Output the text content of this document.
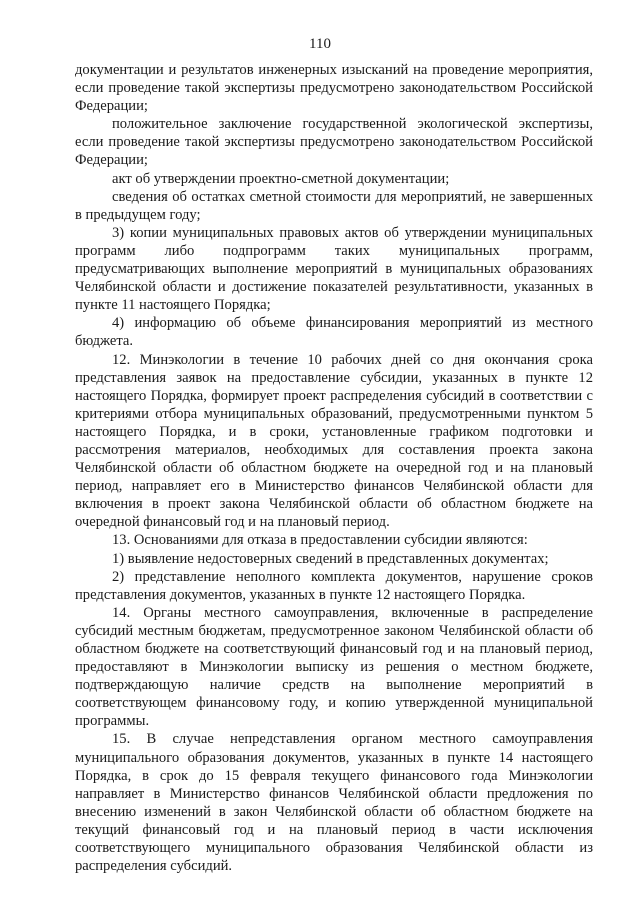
110

документации и результатов инженерных изысканий на проведение мероприятия, если проведение такой экспертизы предусмотрено законодательством Российской Федерации;

положительное заключение государственной экологической экспертизы, если проведение такой экспертизы предусмотрено законодательством Российской Федерации;

акт об утверждении проектно-сметной документации;

сведения об остатках сметной стоимости для мероприятий, не завершенных в предыдущем году;

3) копии муниципальных правовых актов об утверждении муниципальных программ либо подпрограмм таких муниципальных программ, предусматривающих выполнение мероприятий в муниципальных образованиях Челябинской области и достижение показателей результативности, указанных в пункте 11 настоящего Порядка;

4) информацию об объеме финансирования мероприятий из местного бюджета.

12. Минэкологии в течение 10 рабочих дней со дня окончания срока представления заявок на предоставление субсидии, указанных в пункте 12 настоящего Порядка, формирует проект распределения субсидий в соответствии с критериями отбора муниципальных образований, предусмотренными пунктом 5 настоящего Порядка, и в сроки, установленные графиком подготовки и рассмотрения материалов, необходимых для составления проекта закона Челябинской области об областном бюджете на очередной год и на плановый период, направляет его в Министерство финансов Челябинской области для включения в проект закона Челябинской области об областном бюджете на очередной финансовый год и на плановый период.

13. Основаниями для отказа в предоставлении субсидии являются:

1) выявление недостоверных сведений в представленных документах;

2) представление неполного комплекта документов, нарушение сроков представления документов, указанных в пункте 12 настоящего Порядка.

14. Органы местного самоуправления, включенные в распределение субсидий местным бюджетам, предусмотренное законом Челябинской области об областном бюджете на соответствующий финансовый год и на плановый период, предоставляют в Минэкологии выписку из решения о местном бюджете, подтверждающую наличие средств на выполнение мероприятий в соответствующем финансовому году, и копию утвержденной муниципальной программы.

15. В случае непредставления органом местного самоуправления муниципального образования документов, указанных в пункте 14 настоящего Порядка, в срок до 15 февраля текущего финансового года Минэкологии направляет в Министерство финансов Челябинской области предложения по внесению изменений в закон Челябинской области об областном бюджете на текущий финансовый год и на плановый период в части исключения соответствующего муниципального образования Челябинской области из распределения субсидий.
